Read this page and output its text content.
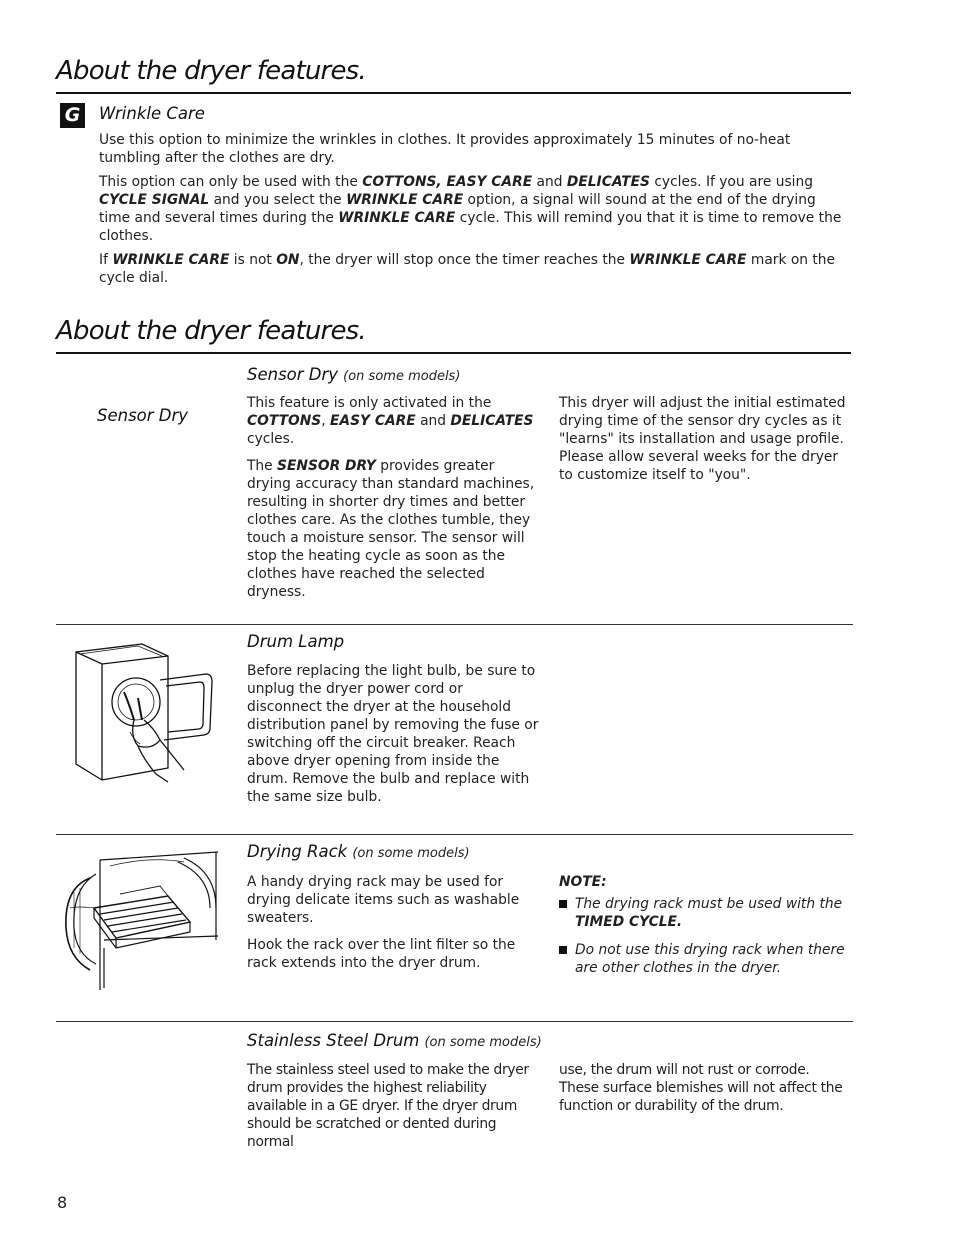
About the dryer features.
G Wrinkle Care

Use this option to minimize the wrinkles in clothes. It provides approximately 15 minutes of no-heat tumbling after the clothes are dry.

This option can only be used with the COTTONS, EASY CARE and DELICATES cycles. If you are using CYCLE SIGNAL and you select the WRINKLE CARE option, a signal will sound at the end of the drying time and several times during the WRINKLE CARE cycle. This will remind you that it is time to remove the clothes.

If WRINKLE CARE is not ON, the dryer will stop once the timer reaches the WRINKLE CARE mark on the cycle dial.

About the dryer features.
Sensor Dry
Sensor Dry (on some models)

This feature is only activated in the COTTONS, EASY CARE and DELICATES cycles.

The SENSOR DRY provides greater drying accuracy than standard machines, resulting in shorter dry times and better clothes care. As the clothes tumble, they touch a moisture sensor. The sensor will stop the heating cycle as soon as the clothes have reached the selected dryness.

This dryer will adjust the initial estimated drying time of the sensor dry cycles as it "learns" its installation and usage profile. Please allow several weeks for the dryer to customize itself to "you".
Drum Lamp
Before replacing the light bulb, be sure to unplug the dryer power cord or disconnect the dryer at the household distribution panel by removing the fuse or switching off the circuit breaker. Reach above dryer opening from inside the drum. Remove the bulb and replace with the same size bulb.
Drying Rack (on some models)

A handy drying rack may be used for drying delicate items such as washable sweaters.

Hook the rack over the lint filter so the rack extends into the dryer drum.

NOTE:

The drying rack must be used with the TIMED CYCLE.
Do not use this drying rack when there are other clothes in the dryer.
Stainless Steel Drum (on some models)
The stainless steel used to make the dryer drum provides the highest reliability available in a GE dryer. If the dryer drum should be scratched or dented during normal
use, the drum will not rust or corrode. These surface blemishes will not affect the function or durability of the drum.
8
